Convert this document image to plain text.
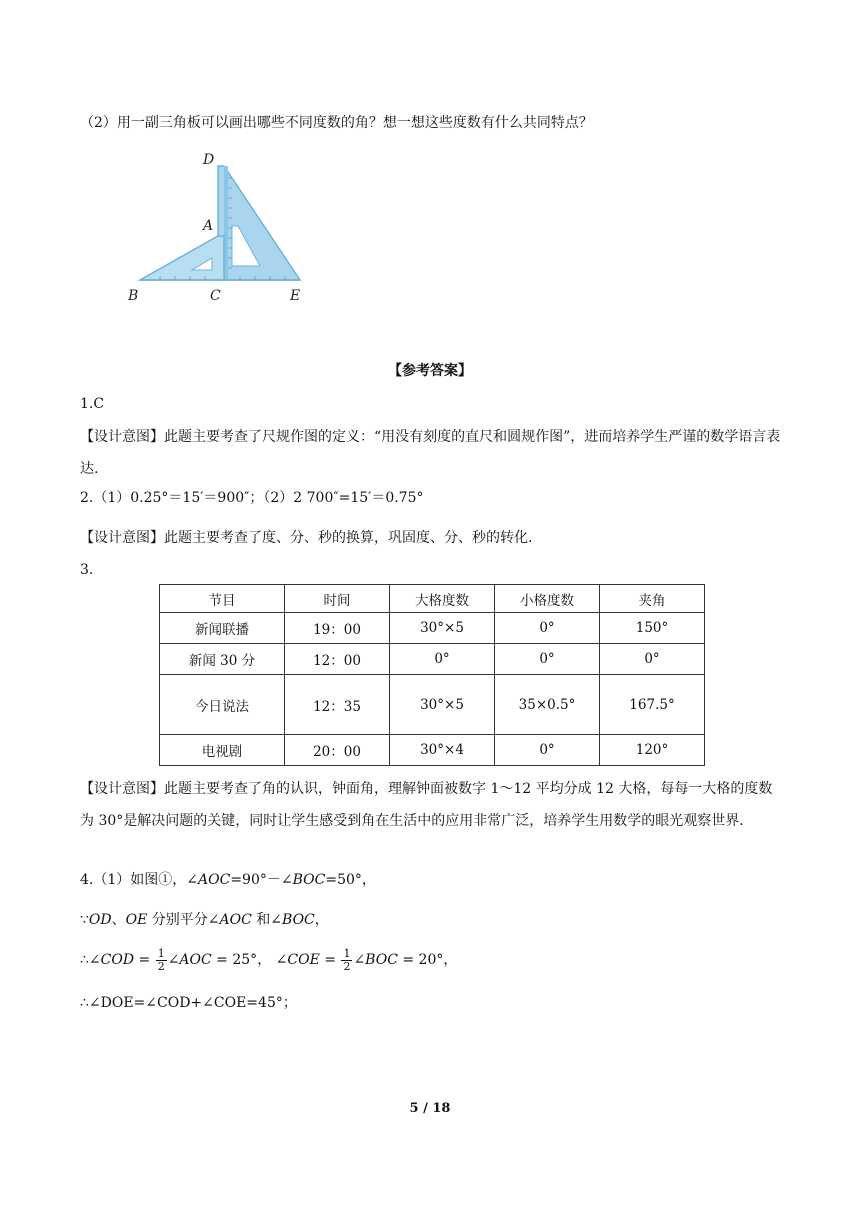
（2）用一副三角板可以画出哪些不同度数的角？想一想这些度数有什么共同特点？
D
A
B	C	E
【参考答案】
1.C
【设计意图】此题主要考查了尺规作图的定义：“用没有刻度的直尺和圆规作图”，进而培养学生严谨的数学语言表达.
2.（1）0.25°＝15′＝900″；（2）2 700″=15′＝0.75°
【设计意图】此题主要考查了度、分、秒的换算，巩固度、分、秒的转化.
3.
节目	时间	大格度数	小格度数	夹角
新闻联播	19：00	30°×5	0°	150°
新闻 30 分	12：00	0°	0°	0°
今日说法	12：35	30°×5	35×0.5°	167.5°
电视剧	20：00	30°×4	0°	120°
【设计意图】此题主要考查了角的认识，钟面角，理解钟面被数字 1～12 平均分成 12 大格，每每一大格的度数为 30°是解决问题的关键，同时让学生感受到角在生活中的应用非常广泛，培养学生用数学的眼光观察世界.
4.（1）如图①，∠AOC=90°－∠BOC=50°，
∵OD、OE 分别平分∠AOC 和∠BOC，
∴∠COD = $\frac{1}{2}$ ∠AOC = 25°， ∠COE = $\frac{1}{2}$ ∠BOC = 20°，
∴∠DOE=∠COD+∠COE=45°；
5 / 18
